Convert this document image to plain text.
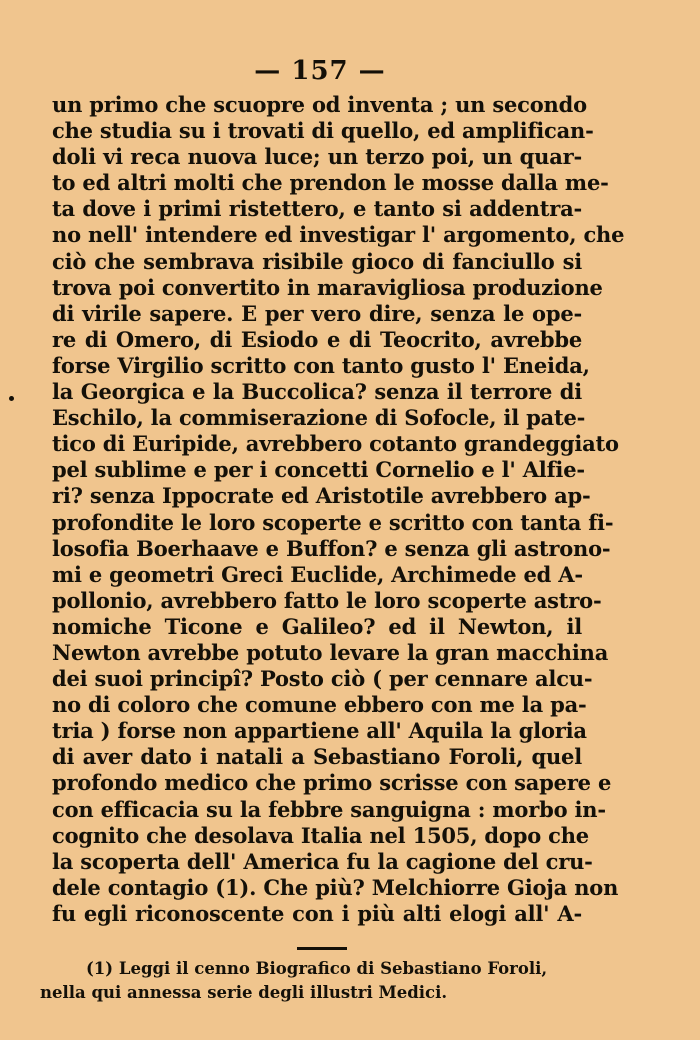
— 157 —
un primo che scuopre od inventa ; un secondo
che studia su i trovati di quello, ed amplifican-
doli vi reca nuova luce; un terzo poi, un quar-
to ed altri molti che prendon le mosse dalla me-
ta dove i primi ristettero, e tanto si addentra-
no nell' intendere ed investigar l' argomento, che
ciò che sembrava risibile gioco di fanciullo si
trova poi convertito in maravigliosa produzione
di virile sapere. E per vero dire, senza le ope-
re di Omero, di Esiodo e di Teocrito, avrebbe
forse Virgilio scritto con tanto gusto l' Eneida,
la Georgica e la Buccolica? senza il terrore di
Eschilo, la commiserazione di Sofocle, il pate-
tico di Euripide, avrebbero cotanto grandeggiato
pel sublime e per i concetti Cornelio e l' Alfie-
ri? senza Ippocrate ed Aristotile avrebbero ap-
profondite le loro scoperte e scritto con tanta fi-
losofia Boerhaave e Buffon? e senza gli astrono-
mi e geometri Greci Euclide, Archimede ed A-
pollonio, avrebbero fatto le loro scoperte astro-
nomiche Ticone e Galileo? ed il Newton, il
Newton avrebbe potuto levare la gran macchina
dei suoi principî? Posto ciò ( per cennare alcu-
no di coloro che comune ebbero con me la pa-
tria ) forse non appartiene all' Aquila la gloria
di aver dato i natali a Sebastiano Foroli, quel
profondo medico che primo scrisse con sapere e
con efficacia su la febbre sanguigna : morbo in-
cognito che desolava Italia nel 1505, dopo che
la scoperta dell' America fu la cagione del cru-
dele contagio (1). Che più? Melchiorre Gioja non
fu egli riconoscente con i più alti elogi all' A-
(1) Leggi il cenno Biografico di Sebastiano Foroli,
nella qui annessa serie degli illustri Medici.
